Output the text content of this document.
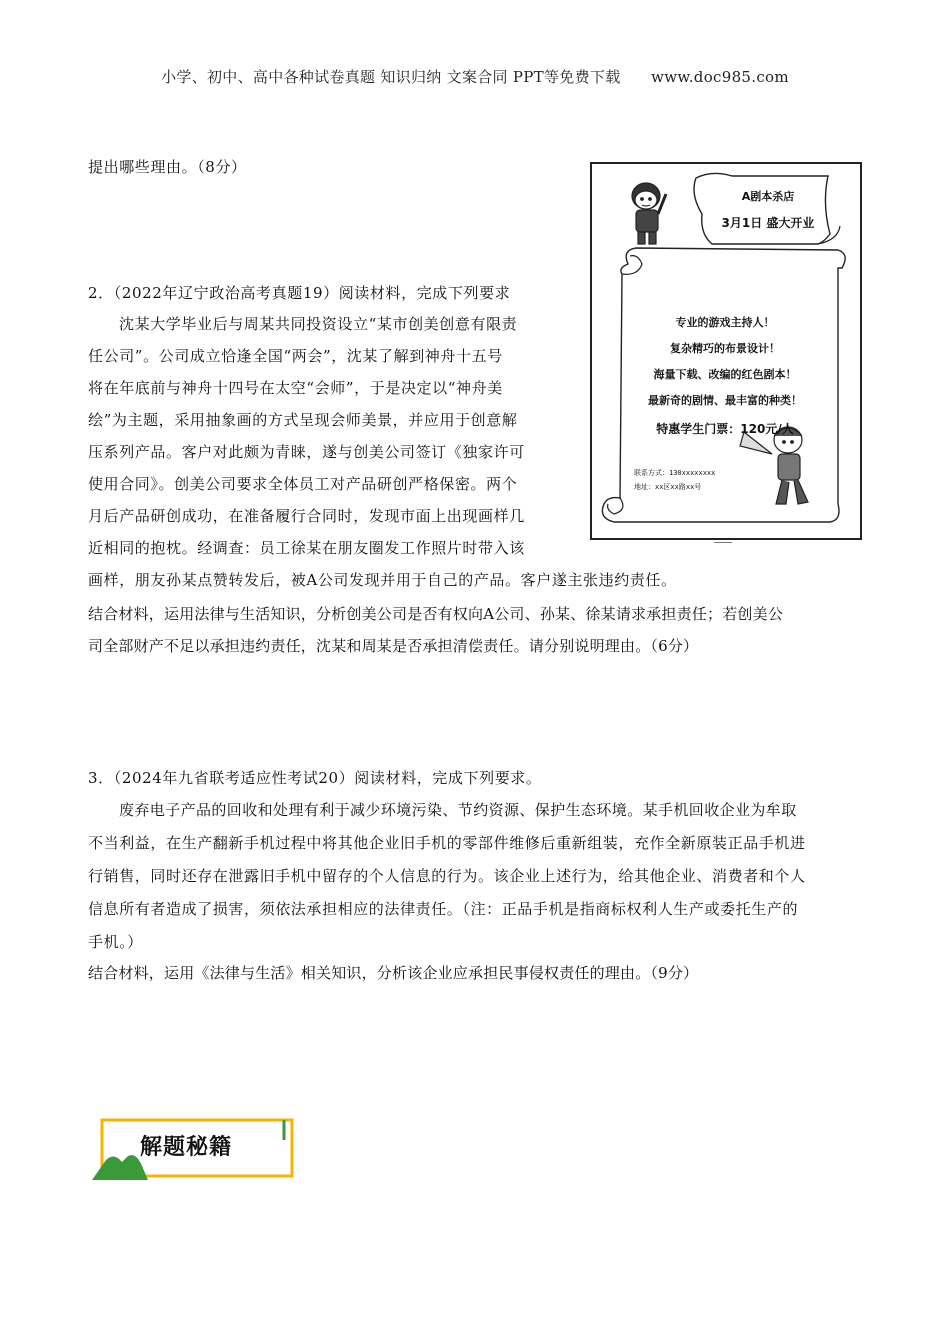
小学、初中、高中各种试卷真题 知识归纳 文案合同 PPT等免费下载　　www.doc985.com
提出哪些理由。（8分）
2．（2022年辽宁政治高考真题19）阅读材料，完成下列要求
沈某大学毕业后与周某共同投资设立“某市创美创意有限责
任公司”。公司成立恰逢全国“两会”，沈某了解到神舟十五号
将在年底前与神舟十四号在太空“会师”，于是决定以“神舟美
绘”为主题，采用抽象画的方式呈现会师美景，并应用于创意解
压系列产品。客户对此颇为青睐，遂与创美公司签订《独家许可
使用合同》。创美公司要求全体员工对产品研创严格保密。两个
月后产品研创成功，在准备履行合同时，发现市面上出现画样几
近相同的抱枕。经调查：员工徐某在朋友圈发工作照片时带入该
画样，朋友孙某点赞转发后，被A公司发现并用于自己的产品。客户遂主张违约责任。
结合材料，运用法律与生活知识，分析创美公司是否有权向A公司、孙某、徐某请求承担责任；若创美公
司全部财产不足以承担违约责任，沈某和周某是否承担清偿责任。请分别说明理由。（6分）
A剧本杀店
3月1日 盛大开业
专业的游戏主持人！
复杂精巧的布景设计！
海量下载、改编的红色剧本！
最新奇的剧情、最丰富的种类！
特惠学生门票：120元/人
联系方式：130xxxxxxxx
地址：xx区xx路xx号
3．（2024年九省联考适应性考试20）阅读材料，完成下列要求。
废弃电子产品的回收和处理有利于减少环境污染、节约资源、保护生态环境。某手机回收企业为牟取
不当利益，在生产翻新手机过程中将其他企业旧手机的零部件维修后重新组装，充作全新原装正品手机进
行销售，同时还存在泄露旧手机中留存的个人信息的行为。该企业上述行为，给其他企业、消费者和个人
信息所有者造成了损害，须依法承担相应的法律责任。（注：正品手机是指商标权利人生产或委托生产的
手机。）
结合材料，运用《法律与生活》相关知识，分析该企业应承担民事侵权责任的理由。（9分）
解题秘籍
